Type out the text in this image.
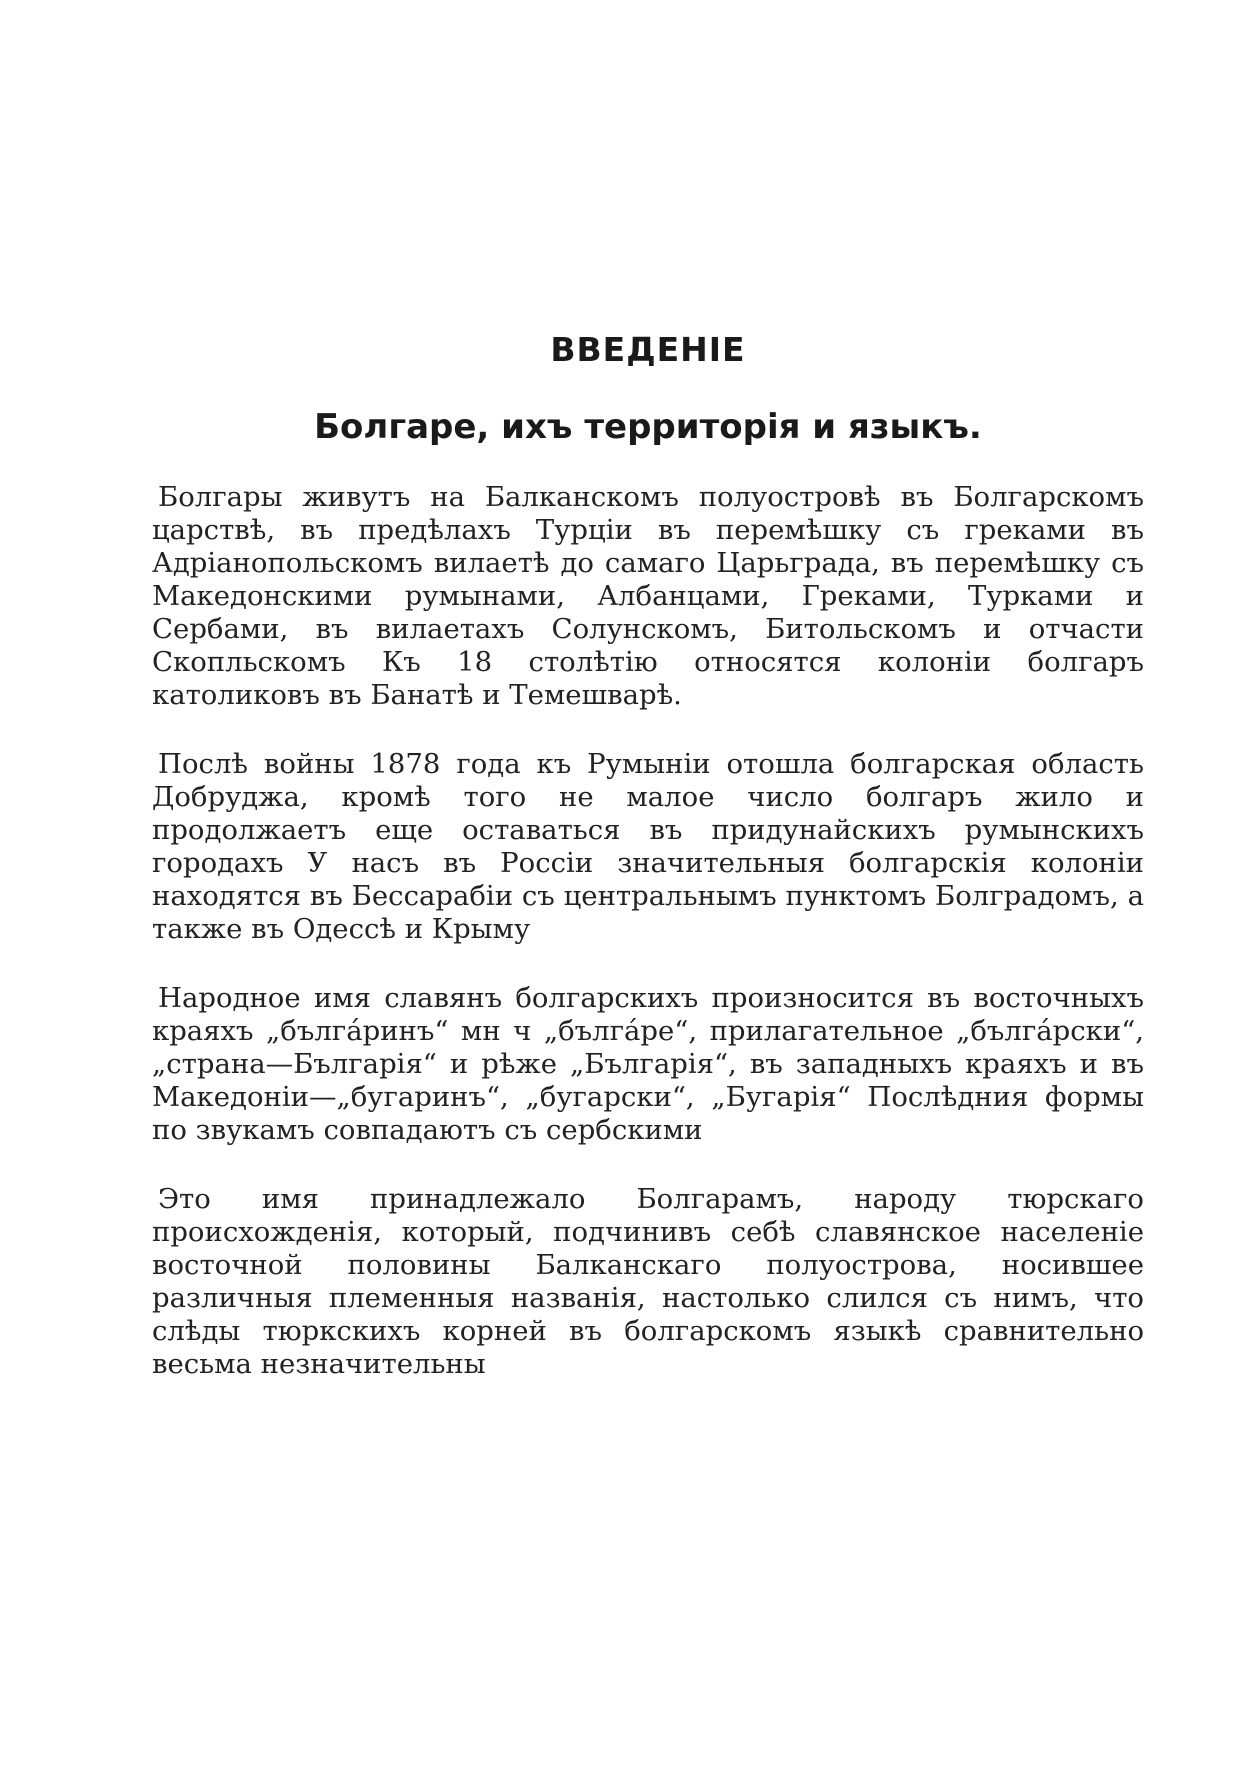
ВВЕДЕНІЕ
Болгаре, ихъ территорія и языкъ.

Болгары живутъ на Балканскомъ полуостровѣ въ Болгарскомъ царствѣ, въ предѣлахъ Турціи въ перемѣшку съ греками въ Адріанопольскомъ вилаетѣ до самаго Царьграда, въ перемѣшку съ Македонскими румынами, Албанцами, Греками, Турками и Сербами, въ вилаетахъ Солунскомъ, Битольскомъ и отчасти Скопльскомъ Къ 18 столѣтію относятся колоніи болгаръ католиковъ въ Банатѣ и Темешварѣ.

Послѣ войны 1878 года къ Румыніи отошла болгарская область Добруджа, кромѣ того не малое число болгаръ жило и продолжаетъ еще оставаться въ придунайскихъ румынскихъ городахъ У насъ въ Россіи значительныя болгарскія колоніи находятся въ Бессарабіи съ центральнымъ пунктомъ Болградомъ, а также въ Одессѣ и Крыму

Народное имя славянъ болгарскихъ произносится въ восточныхъ краяхъ „бълга́ринъ“ мн ч „бълга́ре“, прилагательное „бълга́рски“, „страна—Българія“ и рѣже „Българія“, въ западныхъ краяхъ и въ Македоніи—„бугаринъ“, „бугарски“, „Бугарія“ Послѣдния формы по звукамъ совпадаютъ съ сербскими

Это имя принадлежало Болгарамъ, народу тюрскаго происхожденія, который, подчинивъ себѣ славянское населеніе восточной половины Балканскаго полуострова, носившее различныя племенныя названія, настолько слился съ нимъ, что слѣды тюркскихъ корней въ болгарскомъ языкѣ сравнительно весьма незначительны
